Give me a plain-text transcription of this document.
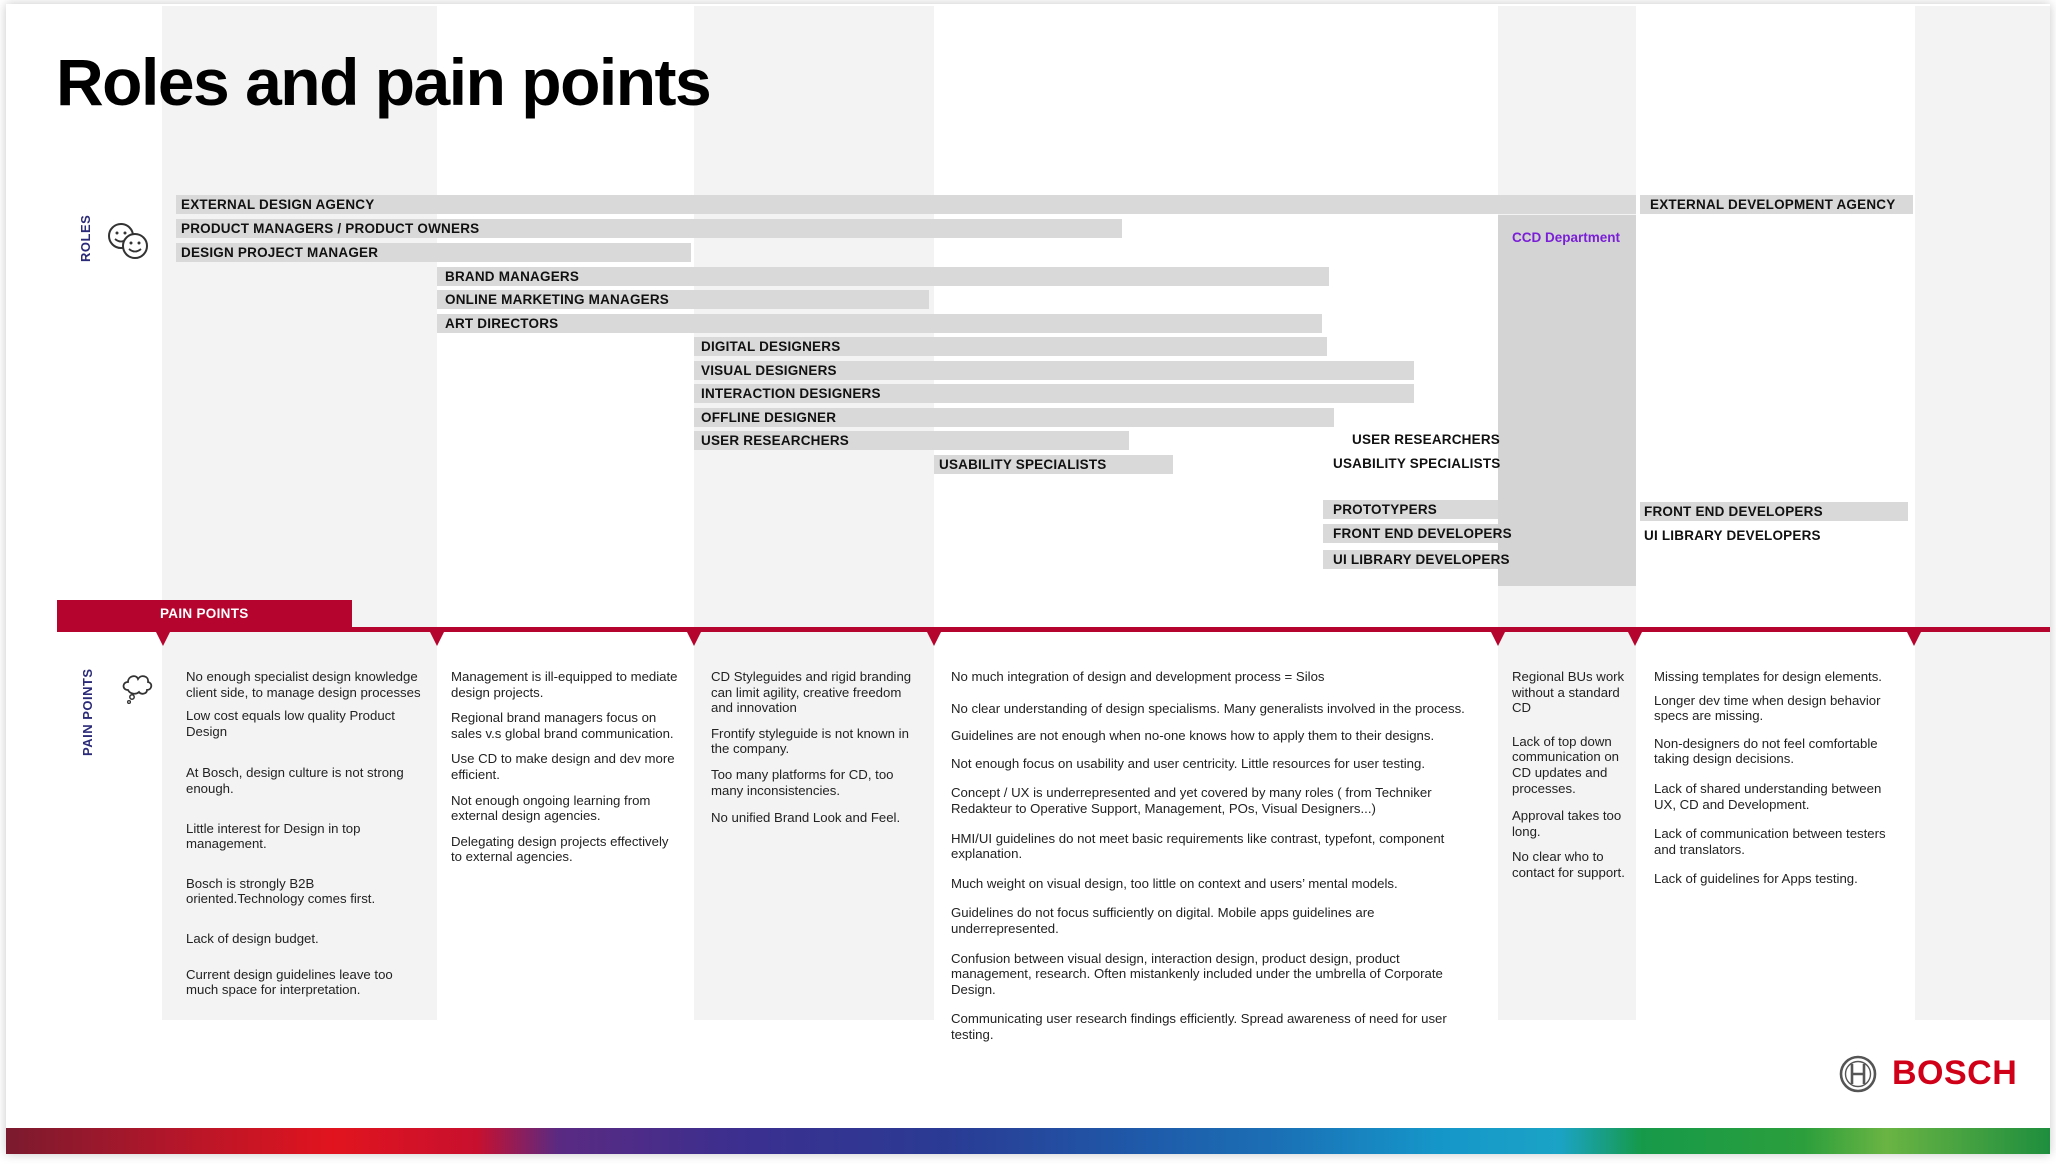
Roles and pain points
ROLES	CCD Department
EXTERNAL DESIGN AGENCY
PRODUCT MANAGERS / PRODUCT OWNERS
DESIGN PROJECT MANAGER
BRAND MANAGERS
ONLINE MARKETING MANAGERS
ART DIRECTORS
DIGITAL DESIGNERS
VISUAL DESIGNERS
INTERACTION DESIGNERS
OFFLINE DESIGNER
USER RESEARCHERS
USABILITY SPECIALISTS
USER RESEARCHERS
USABILITY SPECIALISTS
PROTOTYPERS
FRONT END DEVELOPERS
UI LIBRARY DEVELOPERS
EXTERNAL DEVELOPMENT AGENCY
FRONT END DEVELOPERS
UI LIBRARY DEVELOPERS
PAIN POINTS
PAIN POINTS	No enough specialist design knowledge client side, to manage design processes

Low cost equals low quality Product Design

At Bosch, design culture is not strong enough.

Little interest for Design in top management.

Bosch is strongly B2B oriented.Technology comes first.

Lack of design budget.

Current design guidelines leave too much space for interpretation.

Management is ill-equipped to mediate design projects.

Regional brand managers focus on sales v.s global brand communication.

Use CD to make design and dev more efficient.

Not enough ongoing learning from external design agencies.

Delegating design projects effectively to external agencies.

CD Styleguides and rigid branding can limit agility, creative freedom and innovation

Frontify styleguide is not known in the company.

Too many platforms for CD, too many inconsistencies.

No unified Brand Look and Feel.

No much integration of design and development process = Silos

No clear understanding of design specialisms. Many generalists involved in the process.

Guidelines are not enough when no-one knows how to apply them to their designs.

Not enough focus on usability and user centricity. Little resources for user testing.

Concept / UX is underrepresented and yet covered by many roles ( from Techniker Redakteur to Operative Support, Management, POs, Visual Designers...)

HMI/UI guidelines do not meet basic requirements like contrast, typefont, component explanation.

Much weight on visual design, too little on context and users’ mental models.

Guidelines do not focus sufficiently on digital. Mobile apps guidelines are underrepresented.

Confusion between visual design, interaction design, product design, product management, research. Often mistankenly included under the umbrella of Corporate Design.

Communicating user research findings efficiently. Spread awareness of need for user testing.

Regional BUs work without a standard CD

Lack of top down communication on CD updates and processes.

Approval takes too long.

No clear who to contact for support.

Missing templates for design elements.

Longer dev time when design behavior specs are missing.

Non-designers do not feel comfortable taking design decisions.

Lack of shared understanding between UX, CD and Development.

Lack of communication between testers and translators.

Lack of guidelines for Apps testing.

BOSCH
